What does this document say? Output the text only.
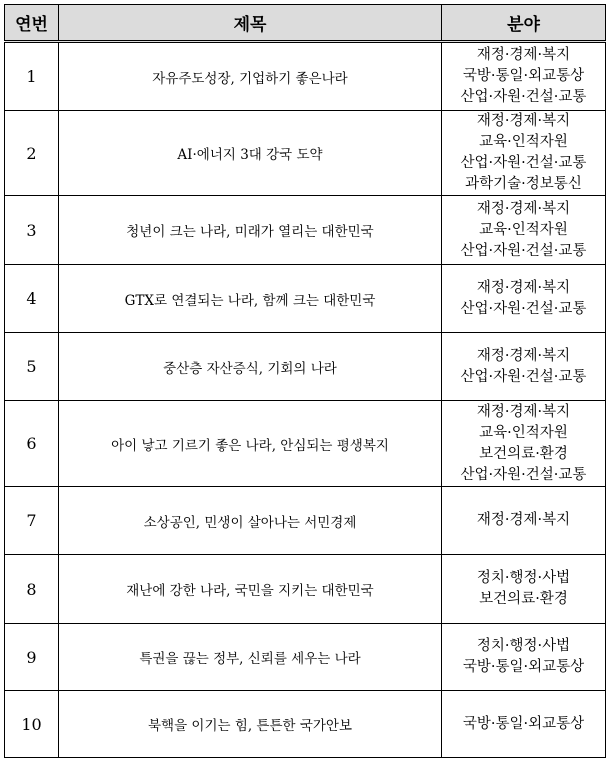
연번	제목	분야
1	자유주도성장, 기업하기 좋은나라	재정·경제·복지
국방·통일·외교통상
산업·자원·건설·교통

2	AI·에너지 3대 강국 도약	재정·경제·복지
교육·인적자원
산업·자원·건설·교통
과학기술·정보통신

3	청년이 크는 나라, 미래가 열리는 대한민국	재정·경제·복지
교육·인적자원
산업·자원·건설·교통

4	GTX로 연결되는 나라, 함께 크는 대한민국	재정·경제·복지
산업·자원·건설·교통

5	중산층 자산증식, 기회의 나라	재정·경제·복지
산업·자원·건설·교통

6	아이 낳고 기르기 좋은 나라, 안심되는 평생복지	재정·경제·복지
교육·인적자원
보건의료·환경
산업·자원·건설·교통

7	소상공인, 민생이 살아나는 서민경제	재정·경제·복지

8	재난에 강한 나라, 국민을 지키는 대한민국	정치·행정·사법
보건의료·환경

9	특권을 끊는 정부, 신뢰를 세우는 나라	정치·행정·사법
국방·통일·외교통상

10	북핵을 이기는 힘, 튼튼한 국가안보	국방·통일·외교통상
